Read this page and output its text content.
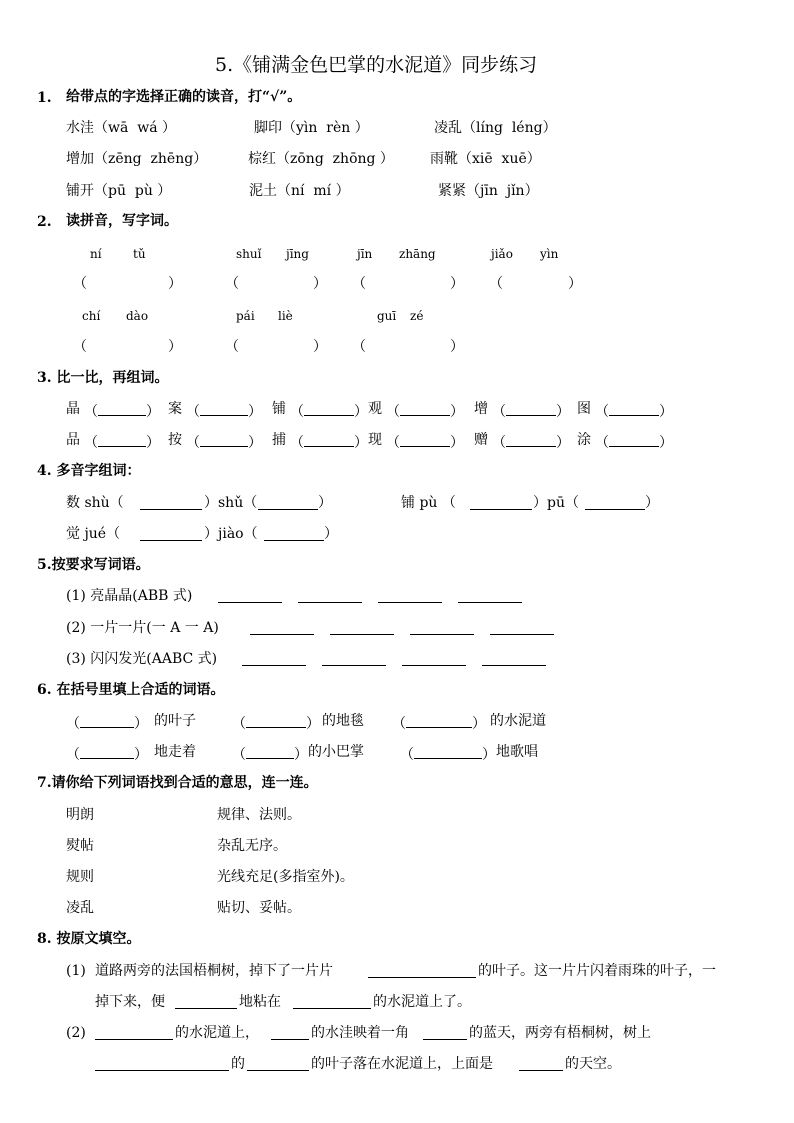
5.《铺满金色巴掌的水泥道》同步练习
1. 给带点的字选择正确的读音，打“√”。
水洼（wā  wá ）	脚印（yìn  rèn ）	凌乱（líng  léng）
增加（zēng  zhēng）	棕红（zōng  zhōng ）	雨靴（xiē  xuē）
铺开（pū  pù ）	泥土（ní  mí ）	紧紧（jīn  jǐn）
2. 读拼音，写字词。
ní	tǔ	shuǐ jīng	jīn zhāng	jiǎo yìn
（	）	（	） （	） （	）
chí dào	pái liè	guī zé
（	）	（	） （	）
3. 比一比，再组词。
晶 （	） 案 （	） 铺 （	） 观 （	） 增 （	） 图 （	）
品 （	） 按 （	） 捕 （	） 现 （	） 赠 （	） 涂 （	）
4. 多音字组词：
数 shù（	）shǔ（	）	铺 pù （	）pū（	）
觉 jué（	）jiào（	）
5.按要求写词语。
(1) 亮晶晶(ABB 式)
(2) 一片一片(一 A 一 A)
(3) 闪闪发光(AABC 式)
6. 在括号里填上合适的词语。
（	） 的叶子	（	） 的地毯 （	） 的水泥道
（	） 地走着	（	） 的小巴掌	（	） 地歌唱
7.请你给下列词语找到合适的意思，连一连。
明朗	规律、法则。
熨帖	杂乱无序。
规则	光线充足(多指室外)。
凌乱	贴切、妥帖。
8. 按原文填空。
(1) 道路两旁的法国梧桐树，掉下了一片片	的叶子。这一片片闪着雨珠的叶子，一
掉下来，便	地粘在	的水泥道上了。
(2)	的水泥道上，	的水洼映着一角	的蓝天，两旁有梧桐树，树上
的	的叶子落在水泥道上，上面是	的天空。
